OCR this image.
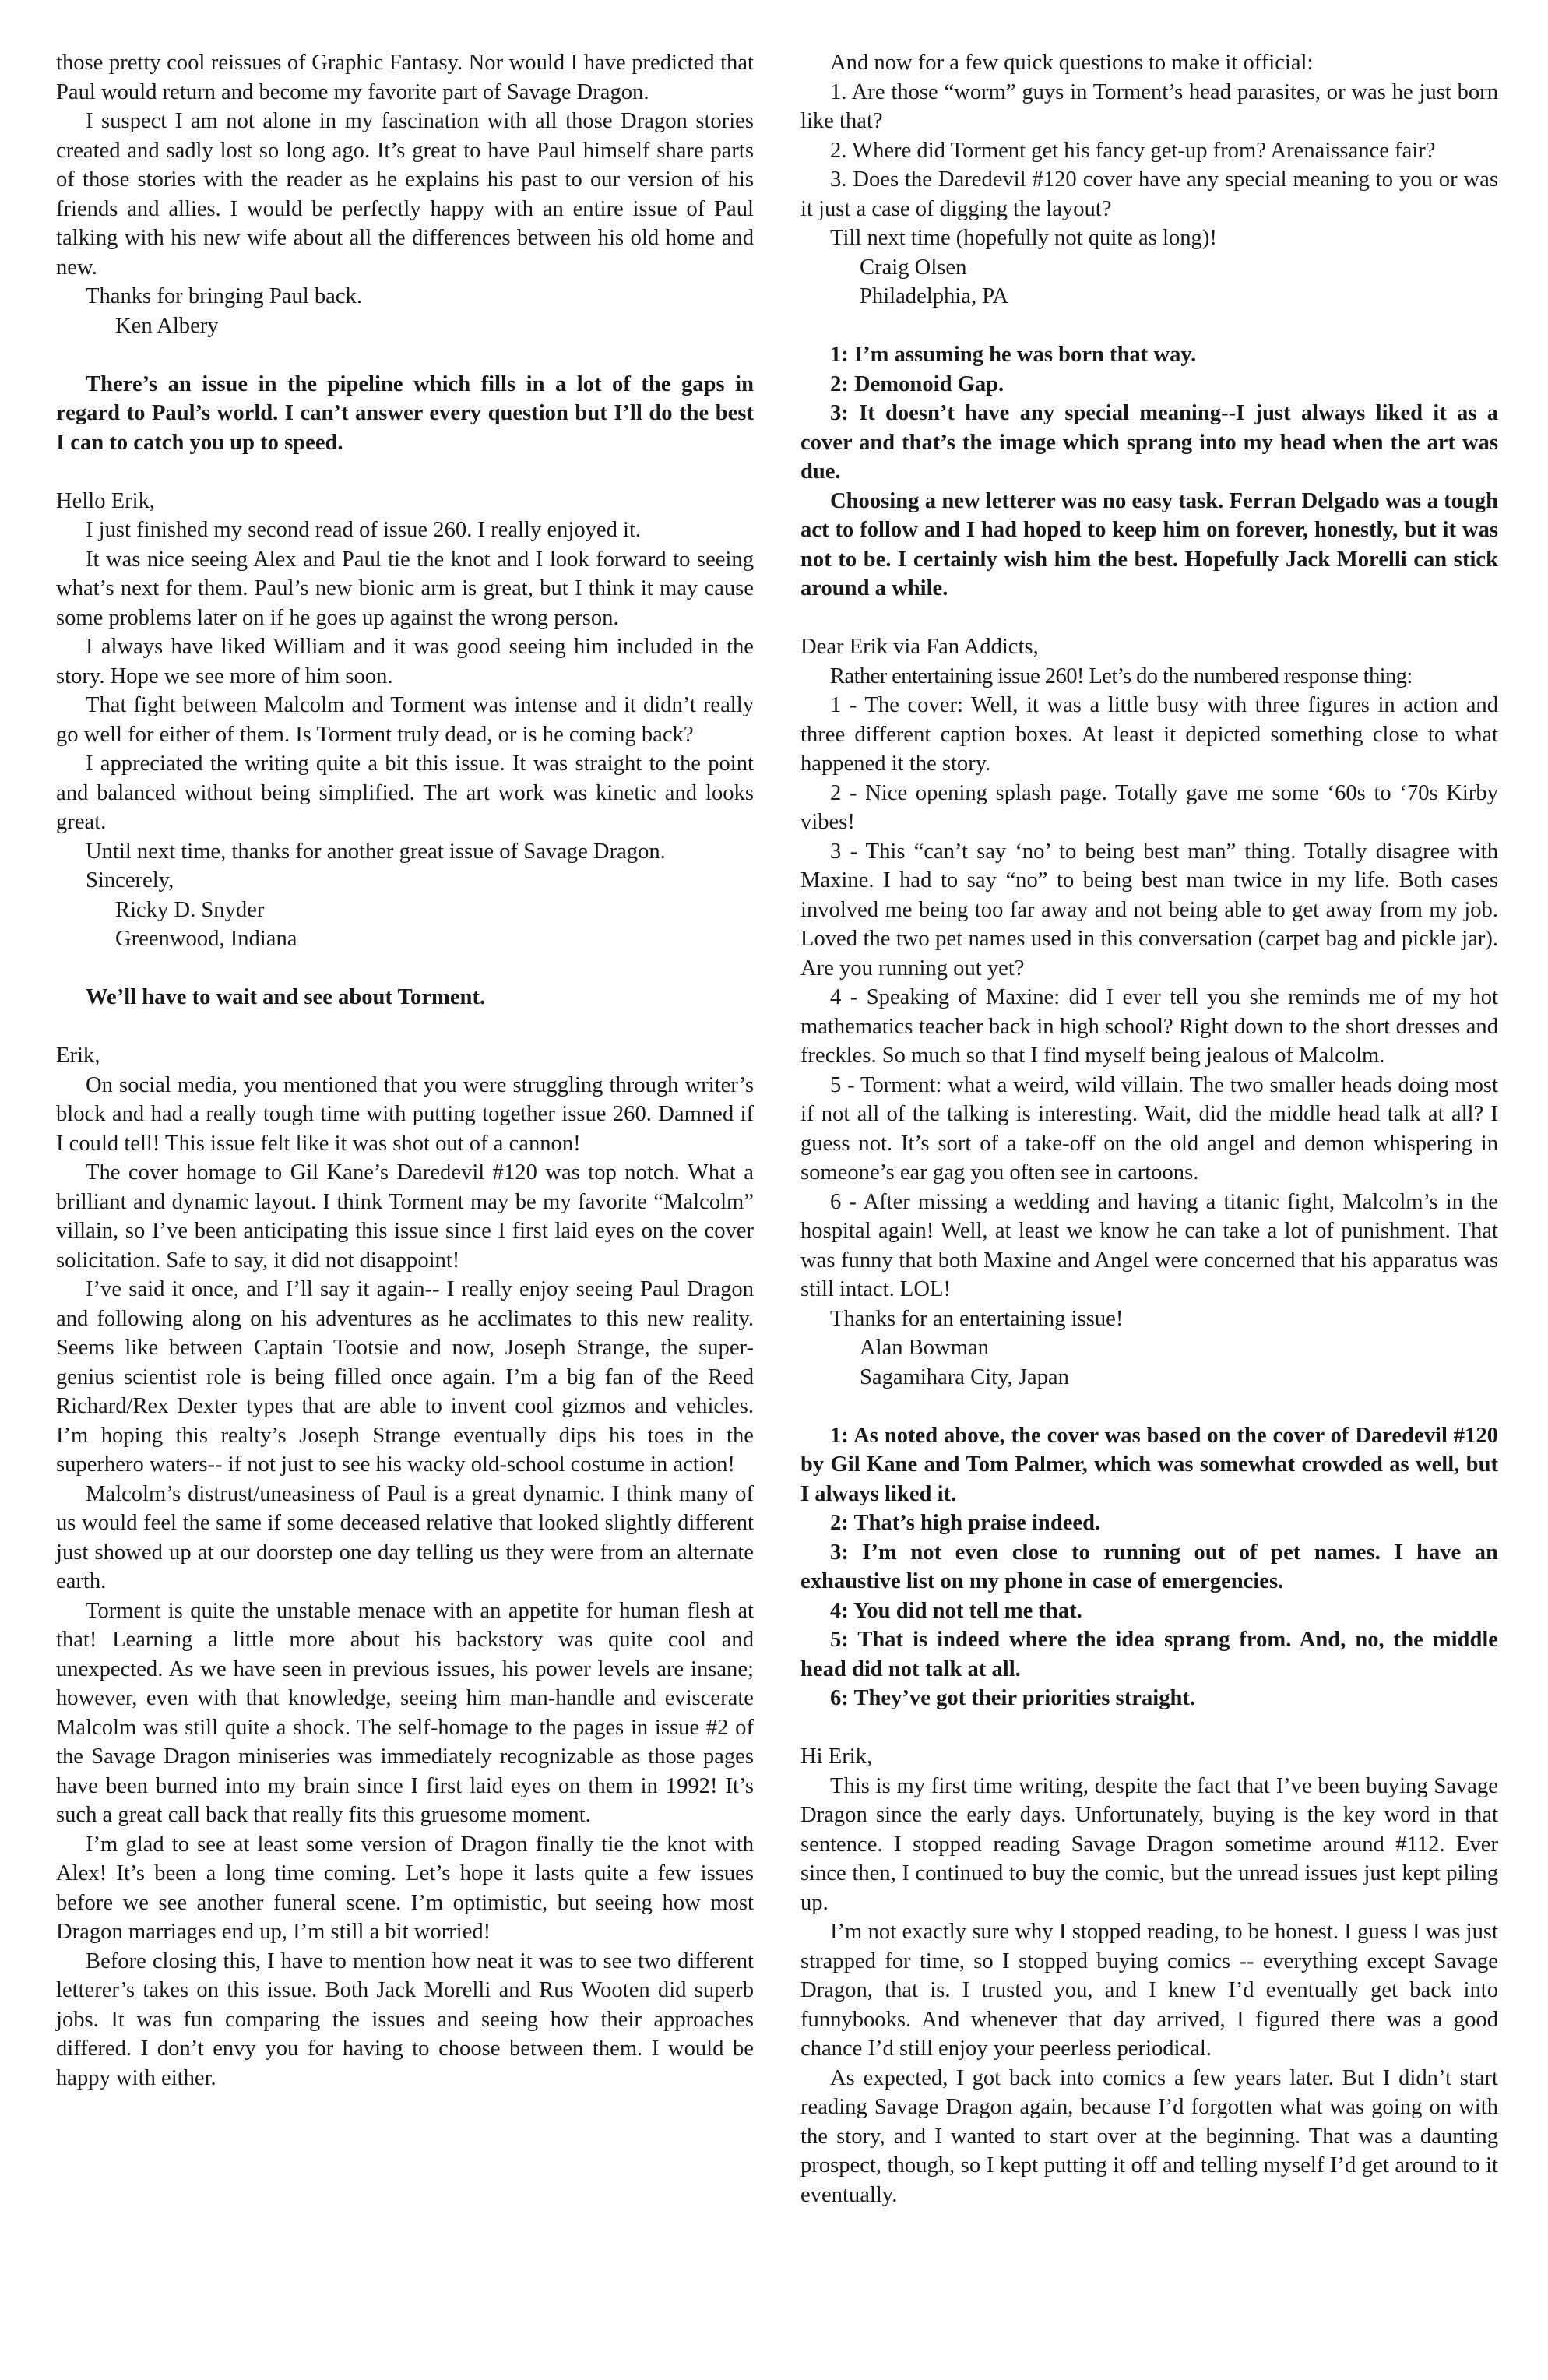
those pretty cool reissues of Graphic Fantasy. Nor would I have predicted that Paul would return and become my favorite part of Savage Dragon.

I suspect I am not alone in my fascination with all those Dragon stories created and sadly lost so long ago. It’s great to have Paul himself share parts of those stories with the reader as he explains his past to our version of his friends and allies. I would be perfectly happy with an entire issue of Paul talking with his new wife about all the differences between his old home and new.

Thanks for bringing Paul back.

Ken Albery

There’s an issue in the pipeline which fills in a lot of the gaps in regard to Paul’s world. I can’t answer every question but I’ll do the best I can to catch you up to speed.

Hello Erik,

I just finished my second read of issue 260. I really enjoyed it.

It was nice seeing Alex and Paul tie the knot and I look forward to seeing what’s next for them. Paul’s new bionic arm is great, but I think it may cause some problems later on if he goes up against the wrong person.

I always have liked William and it was good seeing him included in the story. Hope we see more of him soon.

That fight between Malcolm and Torment was intense and it didn’t really go well for either of them. Is Torment truly dead, or is he coming back?

I appreciated the writing quite a bit this issue. It was straight to the point and balanced without being simplified. The art work was kinetic and looks great.

Until next time, thanks for another great issue of Savage Dragon.

Sincerely,

Ricky D. Snyder

Greenwood, Indiana

We’ll have to wait and see about Torment.

Erik,

On social media, you mentioned that you were struggling through writer’s block and had a really tough time with putting together issue 260. Damned if I could tell! This issue felt like it was shot out of a cannon!

The cover homage to Gil Kane’s Daredevil #120 was top notch. What a brilliant and dynamic layout. I think Torment may be my favorite “Malcolm” villain, so I’ve been anticipating this issue since I first laid eyes on the cover solicitation. Safe to say, it did not disappoint!

I’ve said it once, and I’ll say it again-- I really enjoy seeing Paul Dragon and following along on his adventures as he acclimates to this new reality. Seems like between Captain Tootsie and now, Joseph Strange, the super-genius scientist role is being filled once again. I’m a big fan of the Reed Richard/Rex Dexter types that are able to invent cool gizmos and vehicles. I’m hoping this realty’s Joseph Strange eventually dips his toes in the superhero waters-- if not just to see his wacky old-school costume in action!

Malcolm’s distrust/uneasiness of Paul is a great dynamic. I think many of us would feel the same if some deceased relative that looked slightly different just showed up at our doorstep one day telling us they were from an alternate earth.

Torment is quite the unstable menace with an appetite for human flesh at that! Learning a little more about his backstory was quite cool and unexpected. As we have seen in previous issues, his power levels are insane; however, even with that knowledge, seeing him man-handle and eviscerate Malcolm was still quite a shock. The self-homage to the pages in issue #2 of the Savage Dragon miniseries was immediately recognizable as those pages have been burned into my brain since I first laid eyes on them in 1992! It’s such a great call back that really fits this gruesome moment.

I’m glad to see at least some version of Dragon finally tie the knot with Alex! It’s been a long time coming. Let’s hope it lasts quite a few issues before we see another funeral scene. I’m optimistic, but seeing how most Dragon marriages end up, I’m still a bit worried!

Before closing this, I have to mention how neat it was to see two different letterer’s takes on this issue. Both Jack Morelli and Rus Wooten did superb jobs. It was fun comparing the issues and seeing how their approaches differed. I don’t envy you for having to choose between them. I would be happy with either.

And now for a few quick questions to make it official:

1. Are those “worm” guys in Torment’s head parasites, or was he just born like that?

2. Where did Torment get his fancy get-up from? Arenaissance fair?

3. Does the Daredevil #120 cover have any special meaning to you or was it just a case of digging the layout?

Till next time (hopefully not quite as long)!

Craig Olsen

Philadelphia, PA

1: I’m assuming he was born that way.

2: Demonoid Gap.

3: It doesn’t have any special meaning--I just always liked it as a cover and that’s the image which sprang into my head when the art was due.

Choosing a new letterer was no easy task. Ferran Delgado was a tough act to follow and I had hoped to keep him on forever, honestly, but it was not to be. I certainly wish him the best. Hopefully Jack Morelli can stick around a while.

Dear Erik via Fan Addicts,

Rather entertaining issue 260! Let’s do the numbered response thing:

1 - The cover: Well, it was a little busy with three figures in action and three different caption boxes. At least it depicted something close to what happened it the story.

2 - Nice opening splash page. Totally gave me some ‘60s to ‘70s Kirby vibes!

3 - This “can’t say ‘no’ to being best man” thing. Totally disagree with Maxine. I had to say “no” to being best man twice in my life. Both cases involved me being too far away and not being able to get away from my job. Loved the two pet names used in this conversation (carpet bag and pickle jar). Are you running out yet?

4 - Speaking of Maxine: did I ever tell you she reminds me of my hot mathematics teacher back in high school? Right down to the short dresses and freckles. So much so that I find myself being jealous of Malcolm.

5 - Torment: what a weird, wild villain. The two smaller heads doing most if not all of the talking is interesting. Wait, did the middle head talk at all? I guess not. It’s sort of a take-off on the old angel and demon whispering in someone’s ear gag you often see in cartoons.

6 - After missing a wedding and having a titanic fight, Malcolm’s in the hospital again! Well, at least we know he can take a lot of punishment. That was funny that both Maxine and Angel were concerned that his apparatus was still intact. LOL!

Thanks for an entertaining issue!

Alan Bowman

Sagamihara City, Japan

1: As noted above, the cover was based on the cover of Daredevil #120 by Gil Kane and Tom Palmer, which was somewhat crowded as well, but I always liked it.

2: That’s high praise indeed.

3: I’m not even close to running out of pet names. I have an exhaustive list on my phone in case of emergencies.

4: You did not tell me that.

5: That is indeed where the idea sprang from. And, no, the middle head did not talk at all.

6: They’ve got their priorities straight.

Hi Erik,

This is my first time writing, despite the fact that I’ve been buying Savage Dragon since the early days. Unfortunately, buying is the key word in that sentence. I stopped reading Savage Dragon sometime around #112. Ever since then, I continued to buy the comic, but the unread issues just kept piling up.

I’m not exactly sure why I stopped reading, to be honest. I guess I was just strapped for time, so I stopped buying comics -- everything except Savage Dragon, that is. I trusted you, and I knew I’d eventually get back into funnybooks. And whenever that day arrived, I figured there was a good chance I’d still enjoy your peerless periodical.

As expected, I got back into comics a few years later. But I didn’t start reading Savage Dragon again, because I’d forgotten what was going on with the story, and I wanted to start over at the beginning. That was a daunting prospect, though, so I kept putting it off and telling myself I’d get around to it eventually.
